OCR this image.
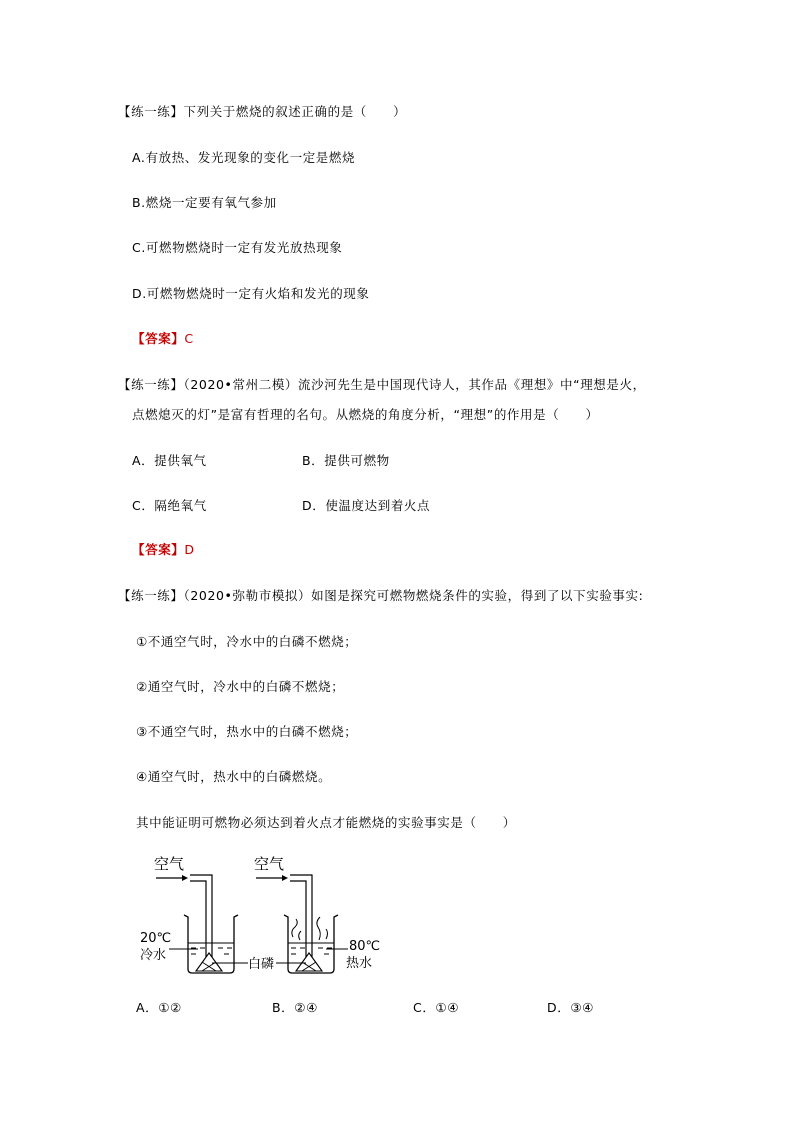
【练一练】下列关于燃烧的叙述正确的是（　　）
A.有放热、发光现象的变化一定是燃烧
B.燃烧一定要有氧气参加
C.可燃物燃烧时一定有发光放热现象
D.可燃物燃烧时一定有火焰和发光的现象
【答案】C
【练一练】（2020•常州二模）流沙河先生是中国现代诗人，其作品《理想》中“理想是火，
点燃熄灭的灯”是富有哲理的名句。从燃烧的角度分析，“理想”的作用是（　　）
A．提供氧气	B．提供可燃物
C．隔绝氧气	D．使温度达到着火点
【答案】D
【练一练】（2020•弥勒市模拟）如图是探究可燃物燃烧条件的实验，得到了以下实验事实:
①不通空气时，冷水中的白磷不燃烧；
②通空气时，冷水中的白磷不燃烧；
③不通空气时，热水中的白磷不燃烧；
④通空气时，热水中的白磷燃烧。
其中能证明可燃物必须达到着火点才能燃烧的实验事实是（　　）
空气	空气
20℃
冷水
白磷
80℃
热水
A．①②	B．②④	C．①④	D．③④
